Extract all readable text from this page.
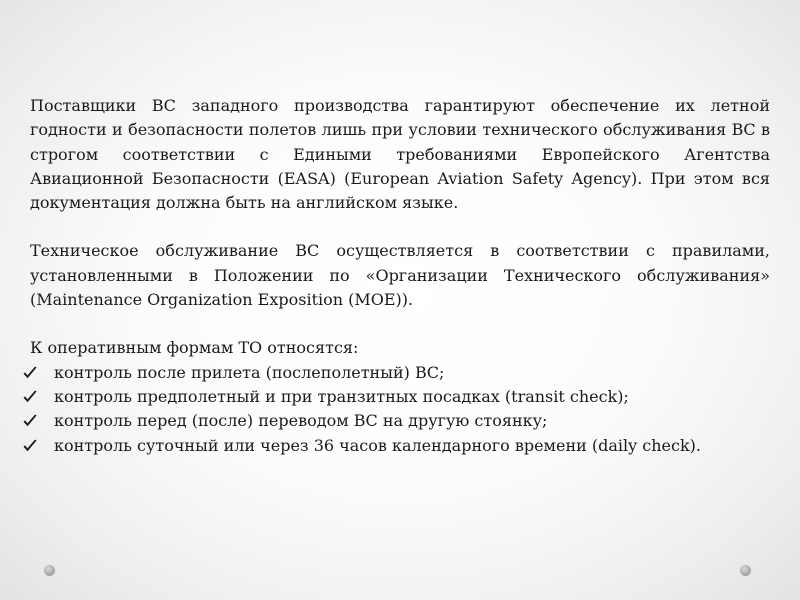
Поставщики ВС западного производства гарантируют обеспечение их летной годности и безопасности полетов лишь при условии технического обслуживания ВС в строгом соответствии с Едиными требованиями Европейского Агентства Авиационной Безопасности (EASA) (European Aviation Safety Agency). При этом вся документация должна быть на английском языке.

Техническое обслуживание ВС осуществляется в соответствии с правилами, установленными в Положении по «Организации Технического обслуживания» (Maintenance Organization Exposition (MOE)).

К оперативным формам ТО относятся:

контроль после прилета (послеполетный) ВС;
контроль предполетный и при транзитных посадках (transit check);
контроль перед (после) переводом ВС на другую стоянку;
контроль суточный или через 36 часов календарного времени (daily check).
